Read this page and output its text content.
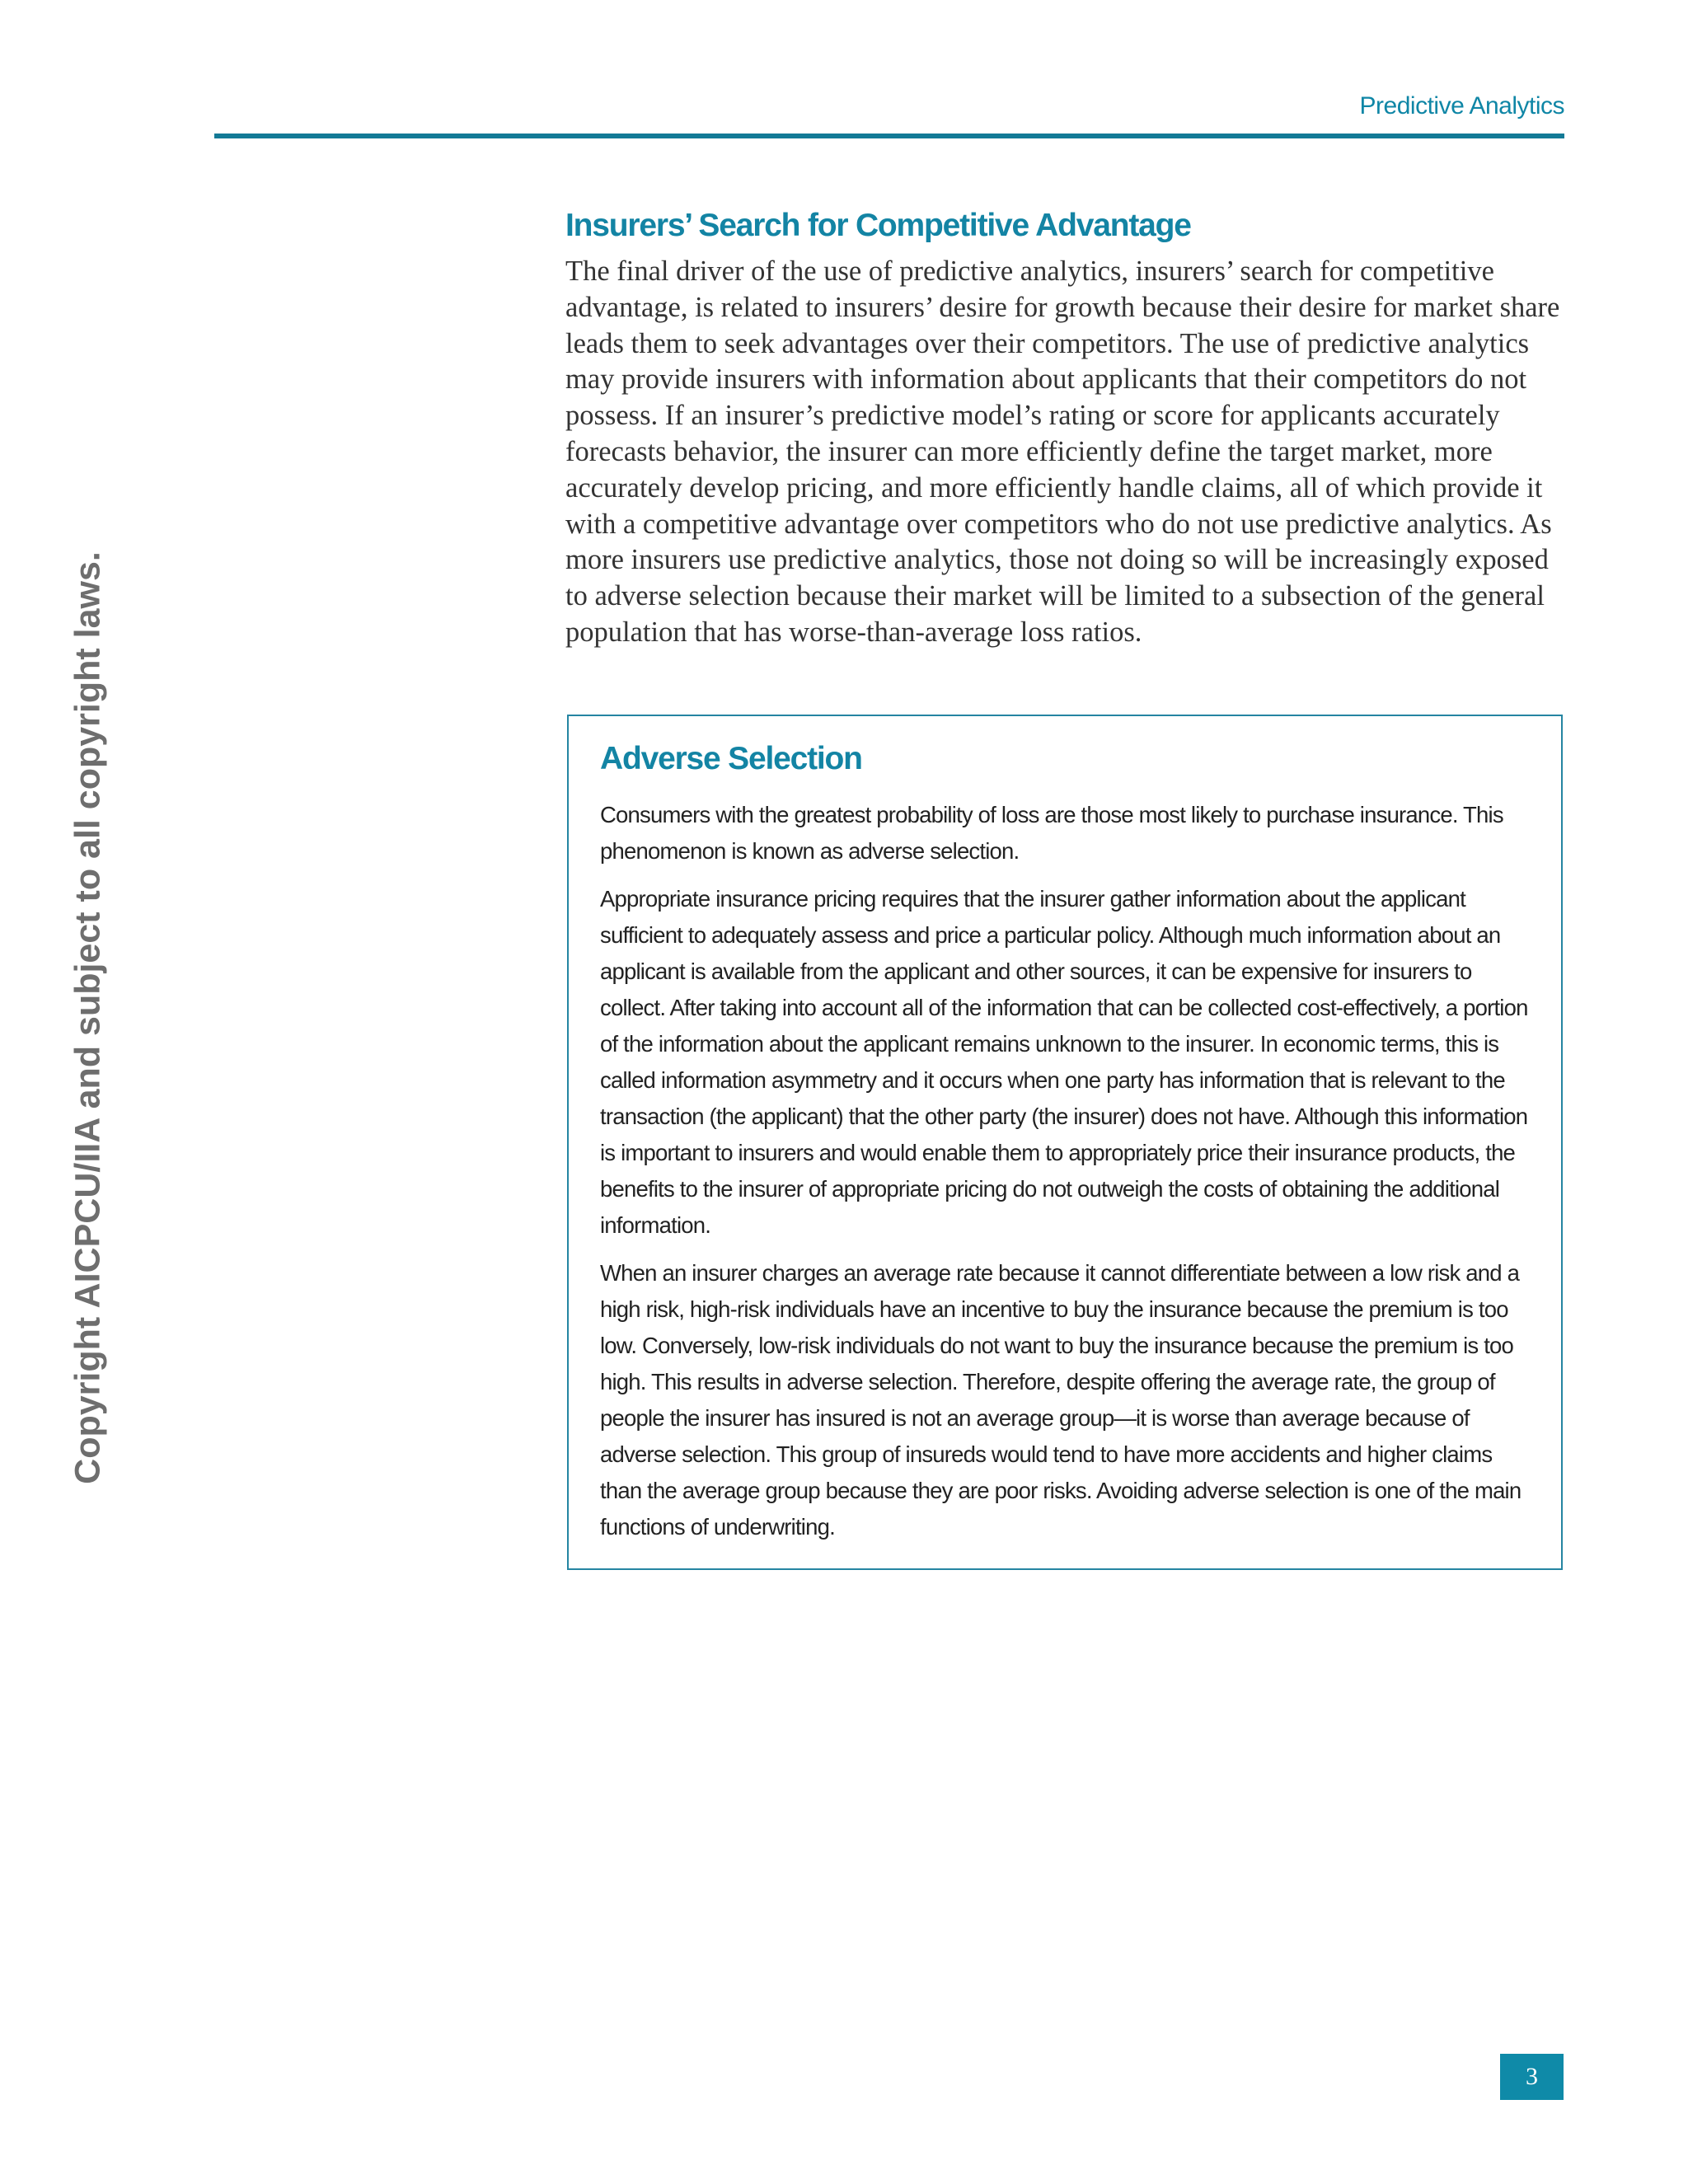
Predictive Analytics
Copyright AICPCU/IIA and subject to all copyright laws.
Insurers’ Search for Competitive Advantage

The final driver of the use of predictive analytics, insurers’ search for competitive advantage, is related to insurers’ desire for growth because their desire for market share leads them to seek advantages over their competitors. The use of predictive analytics may provide insurers with information about applicants that their competitors do not possess. If an insurer’s predictive model’s rating or score for applicants accurately forecasts behavior, the insurer can more efficiently define the target market, more accurately develop pricing, and more efficiently handle claims, all of which provide it with a competitive advantage over competitors who do not use predictive analytics. As more insurers use predictive analytics, those not doing so will be increasingly exposed to adverse selection because their market will be limited to a subsection of the general population that has worse-than-average loss ratios.

Adverse Selection

Consumers with the greatest probability of loss are those most likely to purchase insurance. This phenomenon is known as adverse selection.

Appropriate insurance pricing requires that the insurer gather information about the applicant sufficient to adequately assess and price a particular policy. Although much information about an applicant is available from the applicant and other sources, it can be expensive for insurers to collect. After taking into account all of the information that can be collected cost-effectively, a portion of the information about the applicant remains unknown to the insurer. In economic terms, this is called information asymmetry and it occurs when one party has information that is relevant to the transaction (the applicant) that the other party (the insurer) does not have. Although this information is important to insurers and would enable them to appropriately price their insurance products, the benefits to the insurer of appropriate pricing do not outweigh the costs of obtaining the additional information.

When an insurer charges an average rate because it cannot differentiate between a low risk and a high risk, high-risk individuals have an incentive to buy the insurance because the premium is too low. Conversely, low-risk individuals do not want to buy the insurance because the premium is too high. This results in adverse selection. Therefore, despite offering the average rate, the group of people the insurer has insured is not an average group—it is worse than average because of adverse selection. This group of insureds would tend to have more accidents and higher claims than the average group because they are poor risks. Avoiding adverse selection is one of the main functions of underwriting.

3
